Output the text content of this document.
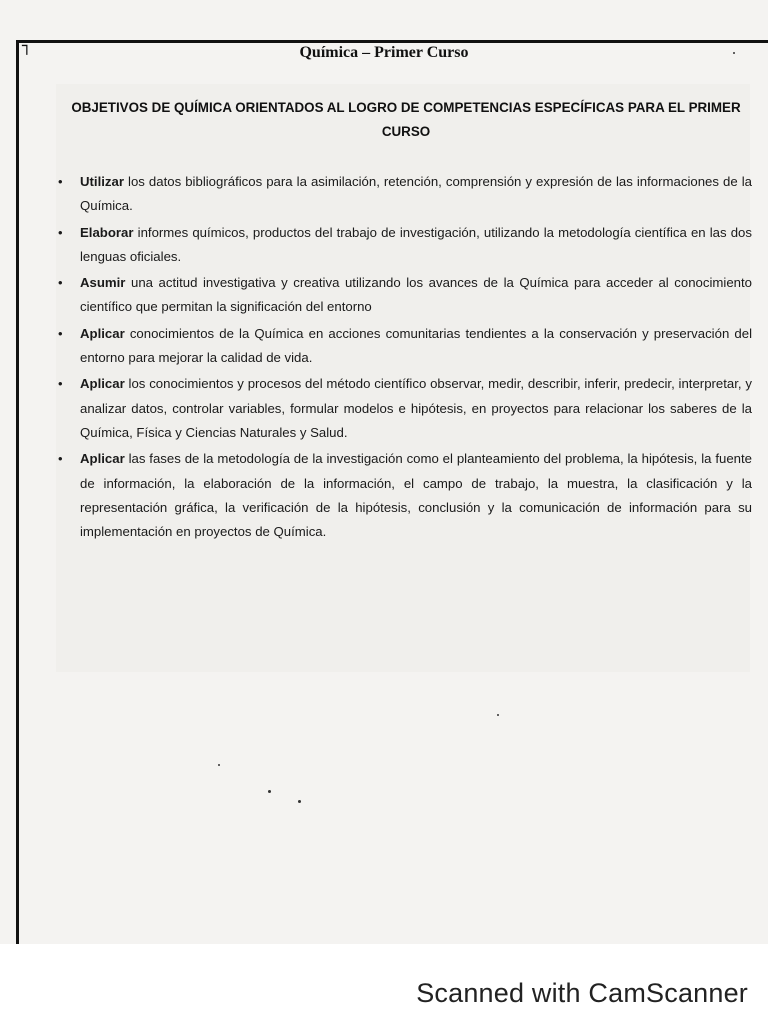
┐	Química – Primer Curso
OBJETIVOS DE QUÍMICA ORIENTADOS AL LOGRO DE COMPETENCIAS ESPECÍFICAS PARA EL PRIMER CURSO
• Utilizar los datos bibliográficos para la asimilación, retención, comprensión y expresión de las informaciones de la Química.
• Elaborar informes químicos, productos del trabajo de investigación, utilizando la metodología científica en las dos lenguas oficiales.
• Asumir una actitud investigativa y creativa utilizando los avances de la Química para acceder al conocimiento científico que permitan la significación del entorno
• Aplicar conocimientos de la Química en acciones comunitarias tendientes a la conservación y preservación del entorno para mejorar la calidad de vida.
• Aplicar los conocimientos y procesos del método científico observar, medir, describir, inferir, predecir, interpretar, y analizar datos, controlar variables, formular modelos e hipótesis, en proyectos para relacionar los saberes de la Química, Física y Ciencias Naturales y Salud.
• Aplicar las fases de la metodología de la investigación como el planteamiento del problema, la hipótesis, la fuente de información, la elaboración de la información, el campo de trabajo, la muestra, la clasificación y la representación gráfica, la verificación de la hipótesis, conclusión y la comunicación de información para su implementación en proyectos de Química.
Scanned with CamScanner
